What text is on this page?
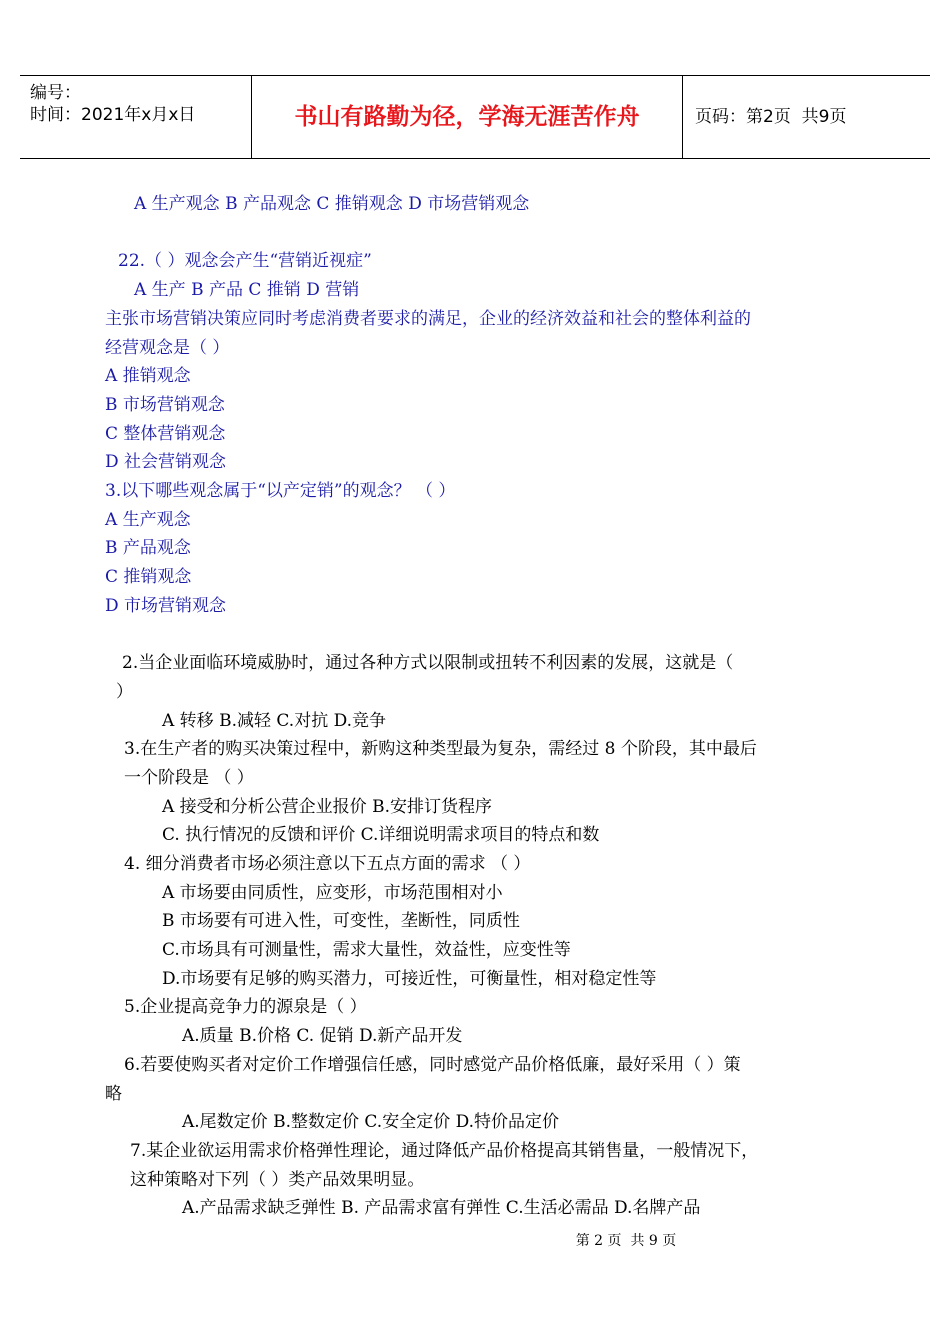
编号：
时间：2021年x月x日	书山有路勤为径，学海无涯苦作舟	页码：第2页  共9页
A 生产观念 B 产品观念 C 推销观念 D 市场营销观念
22.（ ）观念会产生“营销近视症”
A 生产 B 产品 C 推销 D 营销
主张市场营销决策应同时考虑消费者要求的满足，企业的经济效益和社会的整体利益的
经营观念是（ ）
A 推销观念
B 市场营销观念
C 整体营销观念
D 社会营销观念
3.以下哪些观念属于“以产定销”的观念？ （ ）
A 生产观念
B 产品观念
C 推销观念
D 市场营销观念
2.当企业面临环境威胁时，通过各种方式以限制或扭转不利因素的发展，这就是（
）
A 转移 B.减轻 C.对抗 D.竞争
3.在生产者的购买决策过程中，新购这种类型最为复杂，需经过 8 个阶段，其中最后
一个阶段是 （ ）
A 接受和分析公营企业报价 B.安排订货程序
C. 执行情况的反馈和评价 C.详细说明需求项目的特点和数
4. 细分消费者市场必须注意以下五点方面的需求 （ ）
A 市场要由同质性，应变形，市场范围相对小
B 市场要有可进入性，可变性，垄断性，同质性
C.市场具有可测量性，需求大量性，效益性，应变性等
D.市场要有足够的购买潜力，可接近性，可衡量性，相对稳定性等
5.企业提高竞争力的源泉是（ ）
A.质量 B.价格 C. 促销 D.新产品开发
6.若要使购买者对定价工作增强信任感，同时感觉产品价格低廉，最好采用（ ）策
略
A.尾数定价 B.整数定价 C.安全定价 D.特价品定价
7.某企业欲运用需求价格弹性理论，通过降低产品价格提高其销售量，一般情况下，
这种策略对下列（ ）类产品效果明显。
A.产品需求缺乏弹性 B. 产品需求富有弹性 C.生活必需品 D.名牌产品
第 2 页  共 9 页
